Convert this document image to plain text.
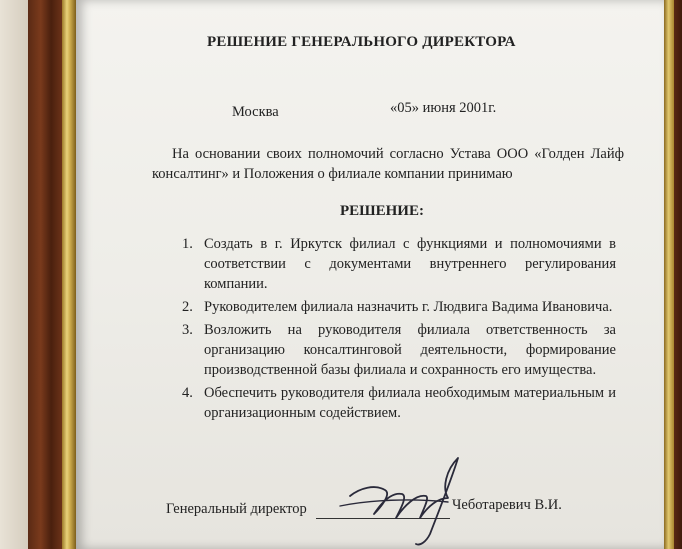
РЕШЕНИЕ ГЕНЕРАЛЬНОГО ДИРЕКТОРА
Москва	«05» июня 2001г.

На основании своих полномочий согласно Устава ООО «Голден Лайф консалтинг» и Положения о филиале компании принимаю

РЕШЕНИЕ:
1. Создать в г. Иркутск филиал с функциями и полномочиями в соответствии с документами внутреннего регулирования компании.
2. Руководителем филиала назначить г. Людвига Вадима Ивановича.
3. Возложить на руководителя филиала ответственность за организацию консалтинговой деятельности, формирование производственной базы филиала и сохранность его имущества.
4. Обеспечить руководителя филиала необходимым материальным и организационным содействием.
Генеральный директор	Чеботаревич В.И.
